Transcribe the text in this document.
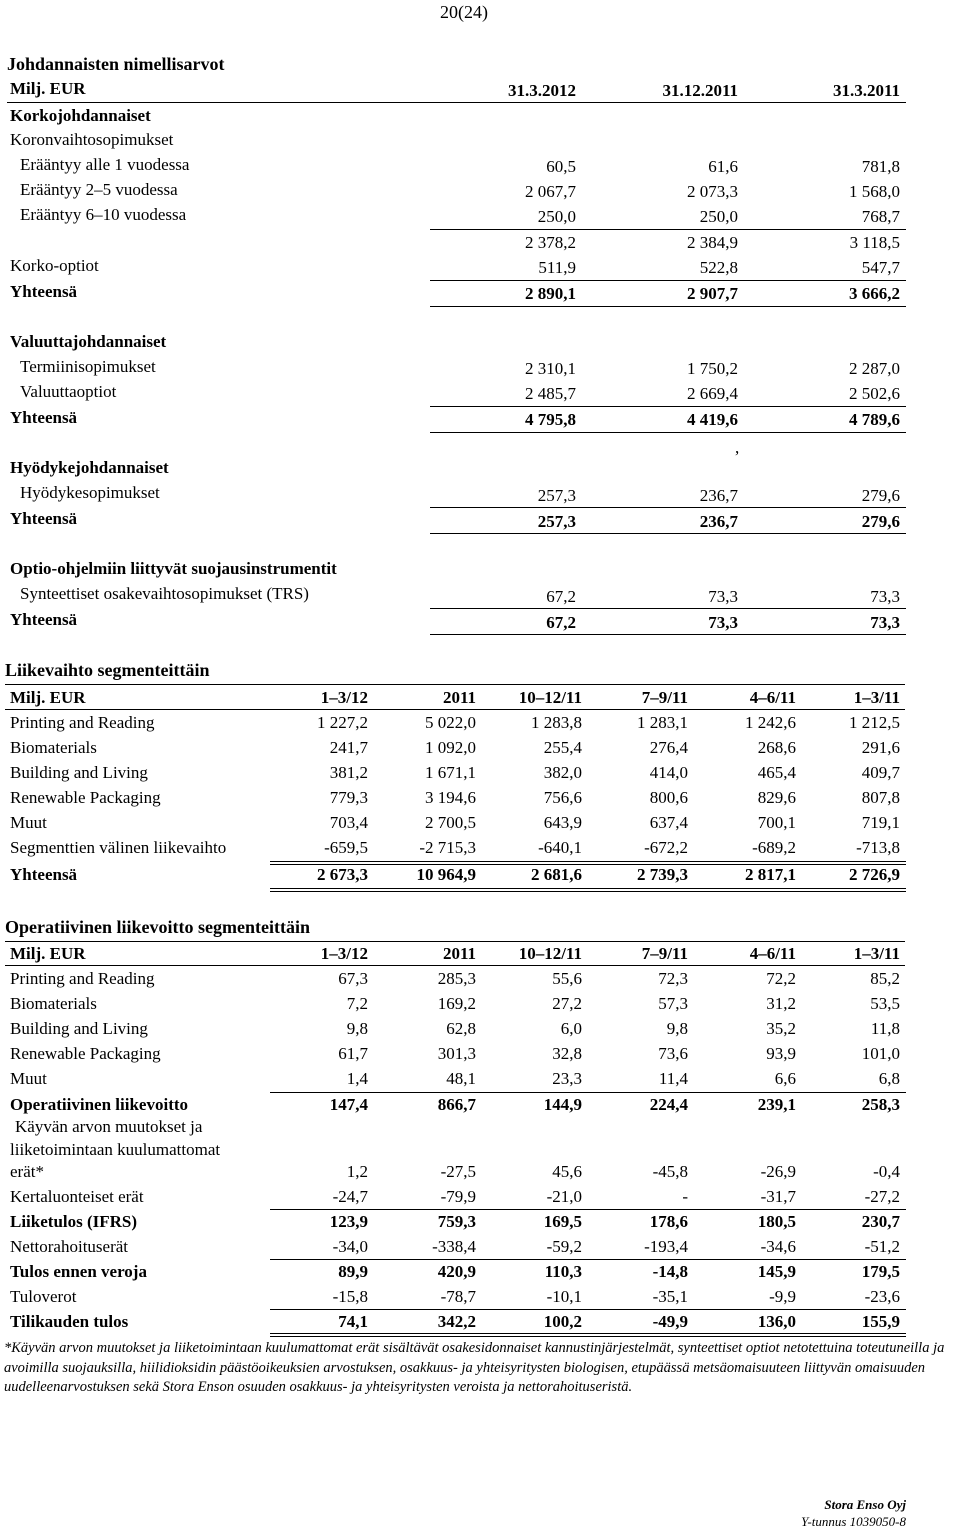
20(24)
Johdannaisten nimellisarvot
Milj. EUR	31.3.2012	31.12.2011	31.3.2011
Korkojohdannaiset
Koronvaihtosopimukset
Erääntyy alle 1 vuodessa	60,5	61,6	781,8
Erääntyy 2–5 vuodessa	2 067,7	2 073,3	1 568,0
Erääntyy 6–10 vuodessa	250,0	250,0	768,7
2 378,2	2 384,9	3 118,5
Korko-optiot	511,9	522,8	547,7
Yhteensä	2 890,1	2 907,7	3 666,2
Valuuttajohdannaiset
Termiinisopimukset	2 310,1	1 750,2	2 287,0
Valuuttaoptiot	2 485,7	2 669,4	2 502,6
Yhteensä	4 795,8	4 419,6	4 789,6
,
Hyödykejohdannaiset
Hyödykesopimukset	257,3	236,7	279,6
Yhteensä	257,3	236,7	279,6
Optio-ohjelmiin liittyvät suojausinstrumentit
Synteettiset osakevaihtosopimukset (TRS)	67,2	73,3	73,3
Yhteensä	67,2	73,3	73,3
Liikevaihto segmenteittäin
Milj. EUR	1–3/12	2011	10–12/11	7–9/11	4–6/11	1–3/11
Printing and Reading	1 227,2	5 022,0	1 283,8	1 283,1	1 242,6	1 212,5
Biomaterials	241,7	1 092,0	255,4	276,4	268,6	291,6
Building and Living	381,2	1 671,1	382,0	414,0	465,4	409,7
Renewable Packaging	779,3	3 194,6	756,6	800,6	829,6	807,8
Muut	703,4	2 700,5	643,9	637,4	700,1	719,1
Segmenttien välinen liikevaihto	-659,5	-2 715,3	-640,1	-672,2	-689,2	-713,8
Yhteensä	2 673,3	10 964,9	2 681,6	2 739,3	2 817,1	2 726,9
Operatiivinen liikevoitto segmenteittäin
Milj. EUR	1–3/12	2011	10–12/11	7–9/11	4–6/11	1–3/11
Printing and Reading	67,3	285,3	55,6	72,3	72,2	85,2
Biomaterials	7,2	169,2	27,2	57,3	31,2	53,5
Building and Living	9,8	62,8	6,0	9,8	35,2	11,8
Renewable Packaging	61,7	301,3	32,8	73,6	93,9	101,0
Muut	1,4	48,1	23,3	11,4	6,6	6,8
Operatiivinen liikevoitto	147,4	866,7	144,9	224,4	239,1	258,3
Käyvän arvon muutokset ja
liiketoimintaan kuulumattomat
erät*	1,2	-27,5	45,6	-45,8	-26,9	-0,4
Kertaluonteiset erät	-24,7	-79,9	-21,0	-	-31,7	-27,2
Liiketulos (IFRS)	123,9	759,3	169,5	178,6	180,5	230,7
Nettorahoituserät	-34,0	-338,4	-59,2	-193,4	-34,6	-51,2
Tulos ennen veroja	89,9	420,9	110,3	-14,8	145,9	179,5
Tuloverot	-15,8	-78,7	-10,1	-35,1	-9,9	-23,6
Tilikauden tulos	74,1	342,2	100,2	-49,9	136,0	155,9
*Käyvän arvon muutokset ja liiketoimintaan kuulumattomat erät sisältävät osakesidonnaiset kannustinjärjestelmät, synteettiset optiot netotettuina toteutuneilla ja avoimilla suojauksilla, hiilidioksidin päästöoikeuksien arvostuksen, osakkuus- ja yhteisyritysten biologisen, etupäässä metsäomaisuuteen liittyvän omaisuuden uudelleenarvostuksen sekä Stora Enson osuuden osakkuus- ja yhteisyritysten veroista ja nettorahoituseristä.
Stora Enso Oyj
Y-tunnus 1039050-8
